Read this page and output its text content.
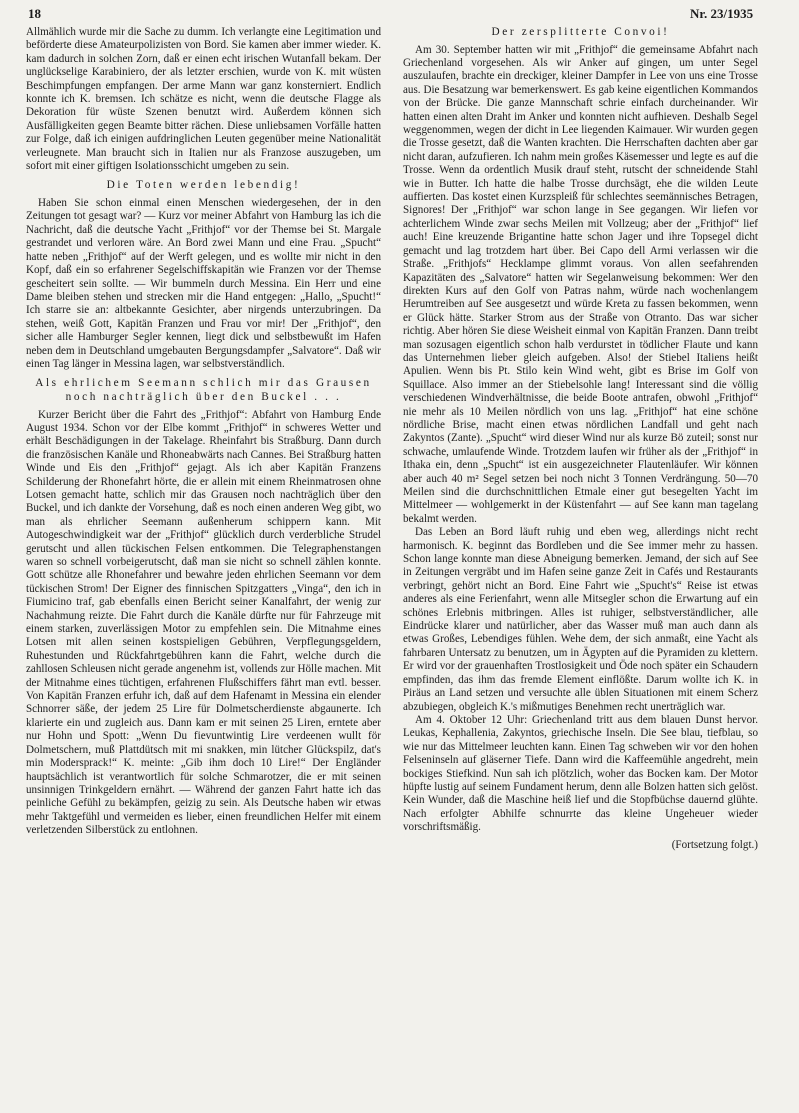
18	Nr. 23/1935

Allmählich wurde mir die Sache zu dumm. Ich verlangte eine Legitimation und beförderte diese Amateurpolizisten von Bord. Sie kamen aber immer wieder. K. kam dadurch in solchen Zorn, daß er einen echt irischen Wutanfall bekam. Der unglückselige Karabiniero, der als letzter erschien, wurde von K. mit wüsten Beschimpfungen empfangen. Der arme Mann war ganz konsterniert. Endlich konnte ich K. bremsen. Ich schätze es nicht, wenn die deutsche Flagge als Dekoration für wüste Szenen benutzt wird. Außerdem können sich Ausfälligkeiten gegen Beamte bitter rächen. Diese unliebsamen Vorfälle hatten zur Folge, daß ich einigen aufdringlichen Leuten gegenüber meine Nationalität verleugnete. Man braucht sich in Italien nur als Franzose auszugeben, um sofort mit einer giftigen Isolationsschicht umgeben zu sein.

Die Toten werden lebendig!

Haben Sie schon einmal einen Menschen wiedergesehen, der in den Zeitungen tot gesagt war? — Kurz vor meiner Abfahrt von Hamburg las ich die Nachricht, daß die deutsche Yacht „Frithjof“ vor der Themse bei St. Margale gestrandet und verloren wäre. An Bord zwei Mann und eine Frau. „Spucht“ hatte neben „Frithjof“ auf der Werft gelegen, und es wollte mir nicht in den Kopf, daß ein so erfahrener Segelschiffskapitän wie Franzen vor der Themse gescheitert sein sollte. — Wir bummeln durch Messina. Ein Herr und eine Dame bleiben stehen und strecken mir die Hand entgegen: „Hallo, „Spucht!“ Ich starre sie an: altbekannte Gesichter, aber nirgends unterzubringen. Da stehen, weiß Gott, Kapitän Franzen und Frau vor mir! Der „Frithjof“, den sicher alle Hamburger Segler kennen, liegt dick und selbstbewußt im Hafen neben dem in Deutschland umgebauten Bergungsdampfer „Salvatore“. Daß wir einen Tag länger in Messina lagen, war selbstverständlich.

Als ehrlichem Seemann schlich mir das Grausen noch nachträglich über den Buckel . . .

Kurzer Bericht über die Fahrt des „Frithjof“: Abfahrt von Hamburg Ende August 1934. Schon vor der Elbe kommt „Frithjof“ in schweres Wetter und erhält Beschädigungen in der Takelage. Rheinfahrt bis Straßburg. Dann durch die französischen Kanäle und Rhoneabwärts nach Cannes. Bei Straßburg hatten Winde und Eis den „Frithjof“ gejagt. Als ich aber Kapitän Franzens Schilderung der Rhonefahrt hörte, die er allein mit einem Rheinmatrosen ohne Lotsen gemacht hatte, schlich mir das Grausen noch nachträglich über den Buckel, und ich dankte der Vorsehung, daß es noch einen anderen Weg gibt, wo man als ehrlicher Seemann außenherum schippern kann. Mit Autogeschwindigkeit war der „Frithjof“ glücklich durch verderbliche Strudel gerutscht und allen tückischen Felsen entkommen. Die Telegraphenstangen waren so schnell vorbeigerutscht, daß man sie nicht so schnell zählen konnte. Gott schütze alle Rhonefahrer und bewahre jeden ehrlichen Seemann vor dem tückischen Strom! Der Eigner des finnischen Spitzgatters „Vinga“, den ich in Fiumicino traf, gab ebenfalls einen Bericht seiner Kanalfahrt, der wenig zur Nachahmung reizte. Die Fahrt durch die Kanäle dürfte nur für Fahrzeuge mit einem starken, zuverlässigen Motor zu empfehlen sein. Die Mitnahme eines Lotsen mit allen seinen kostspieligen Gebühren, Verpflegungsgeldern, Ruhestunden und Rückfahrtgebühren kann die Fahrt, welche durch die zahllosen Schleusen nicht gerade angenehm ist, vollends zur Hölle machen. Mit der Mitnahme eines tüchtigen, erfahrenen Flußschiffers fährt man evtl. besser. Von Kapitän Franzen erfuhr ich, daß auf dem Hafenamt in Messina ein elender Schnorrer säße, der jedem 25 Lire für Dolmetscherdienste abgaunerte. Ich klarierte ein und zugleich aus. Dann kam er mit seinen 25 Liren, erntete aber nur Hohn und Spott: „Wenn Du fievuntwintig Lire verdeenen wullt för Dolmetschern, muß Plattdütsch mit mi snakken, min lütcher Glückspilz, dat's min Modersprack!“ K. meinte: „Gib ihm doch 10 Lire!“ Der Engländer hauptsächlich ist verantwortlich für solche Schmarotzer, die er mit seinen unsinnigen Trinkgeldern ernährt. — Während der ganzen Fahrt hatte ich das peinliche Gefühl zu bekämpfen, geizig zu sein. Als Deutsche haben wir etwas mehr Taktgefühl und vermeiden es lieber, einen freundlichen Helfer mit einem verletzenden Silberstück zu entlohnen.

Der zersplitterte Convoi!

Am 30. September hatten wir mit „Frithjof“ die gemeinsame Abfahrt nach Griechenland vorgesehen. Als wir Anker auf gingen, um unter Segel auszulaufen, brachte ein dreckiger, kleiner Dampfer in Lee von uns eine Trosse aus. Die Besatzung war bemerkenswert. Es gab keine eigentlichen Kommandos von der Brücke. Die ganze Mannschaft schrie einfach durcheinander. Wir hatten einen alten Draht im Anker und konnten nicht aufhieven. Deshalb Segel weggenommen, wegen der dicht in Lee liegenden Kaimauer. Wir wurden gegen die Trosse gesetzt, daß die Wanten krachten. Die Herrschaften dachten aber gar nicht daran, aufzufieren. Ich nahm mein großes Käsemesser und legte es auf die Trosse. Wenn da ordentlich Musik drauf steht, rutscht der schneidende Stahl wie in Butter. Ich hatte die halbe Trosse durchsägt, ehe die wilden Leute auffierten. Das kostet einen Kurzspleiß für schlechtes seemännisches Betragen, Signores! Der „Frithjof“ war schon lange in See gegangen. Wir liefen vor achterlichem Winde zwar sechs Meilen mit Vollzeug; aber der „Frithjof“ lief auch! Eine kreuzende Brigantine hatte schon Jager und ihre Topsegel dicht gemacht und lag trotzdem hart über. Bei Capo dell Armi verlassen wir die Straße. „Frithjofs“ Hecklampe glimmt voraus. Von allen seefahrenden Kapazitäten des „Salvatore“ hatten wir Segelanweisung bekommen: Wer den direkten Kurs auf den Golf von Patras nahm, würde nach wochenlangem Herumtreiben auf See ausgesetzt und würde Kreta zu fassen bekommen, wenn er Glück hätte. Starker Strom aus der Straße von Otranto. Das war sicher richtig. Aber hören Sie diese Weisheit einmal von Kapitän Franzen. Dann treibt man sozusagen eigentlich schon halb verdurstet in tödlicher Flaute und kann das Unternehmen lieber gleich aufgeben. Also! der Stiebel Italiens heißt Apulien. Wenn bis Pt. Stilo kein Wind weht, gibt es Brise im Golf von Squillace. Also immer an der Stiebelsohle lang! Interessant sind die völlig verschiedenen Windverhältnisse, die beide Boote antrafen, obwohl „Frithjof“ nie mehr als 10 Meilen nördlich von uns lag. „Frithjof“ hat eine schöne nördliche Brise, macht einen etwas nördlichen Landfall und geht nach Zakyntos (Zante). „Spucht“ wird dieser Wind nur als kurze Bö zuteil; sonst nur schwache, umlaufende Winde. Trotzdem laufen wir früher als der „Frithjof“ in Ithaka ein, denn „Spucht“ ist ein ausgezeichneter Flautenläufer. Wir können aber auch 40 m² Segel setzen bei noch nicht 3 Tonnen Verdrängung. 50—70 Meilen sind die durchschnittlichen Etmale einer gut besegelten Yacht im Mittelmeer — wohlgemerkt in der Küstenfahrt — auf See kann man tagelang bekalmt werden.

Das Leben an Bord läuft ruhig und eben weg, allerdings nicht recht harmonisch. K. beginnt das Bordleben und die See immer mehr zu hassen. Schon lange konnte man diese Abneigung bemerken. Jemand, der sich auf See in Zeitungen vergräbt und im Hafen seine ganze Zeit in Cafés und Restaurants verbringt, gehört nicht an Bord. Eine Fahrt wie „Spucht's“ Reise ist etwas anderes als eine Ferienfahrt, wenn alle Mitsegler schon die Erwartung auf ein schönes Erlebnis mitbringen. Alles ist ruhiger, selbstverständlicher, alle Eindrücke klarer und natürlicher, aber das Wasser muß man auch dann als etwas Großes, Lebendiges fühlen. Wehe dem, der sich anmaßt, eine Yacht als fahrbaren Untersatz zu benutzen, um in Ägypten auf die Pyramiden zu klettern. Er wird vor der grauenhaften Trostlosigkeit und Öde noch später ein Schaudern empfinden, das ihm das fremde Element einflößte. Darum wollte ich K. in Piräus an Land setzen und versuchte alle üblen Situationen mit einem Scherz abzubiegen, obgleich K.'s mißmutiges Benehmen recht unerträglich war.

Am 4. Oktober 12 Uhr: Griechenland tritt aus dem blauen Dunst hervor. Leukas, Kephallenia, Zakyntos, griechische Inseln. Die See blau, tiefblau, so wie nur das Mittelmeer leuchten kann. Einen Tag schweben wir vor den hohen Felseninseln auf gläserner Tiefe. Dann wird die Kaffeemühle angedreht, mein bockiges Stiefkind. Nun sah ich plötzlich, woher das Bocken kam. Der Motor hüpfte lustig auf seinem Fundament herum, denn alle Bolzen hatten sich gelöst. Kein Wunder, daß die Maschine heiß lief und die Stopfbüchse dauernd glühte. Nach erfolgter Abhilfe schnurrte das kleine Ungeheuer wieder vorschriftsmäßig.

(Fortsetzung folgt.)
